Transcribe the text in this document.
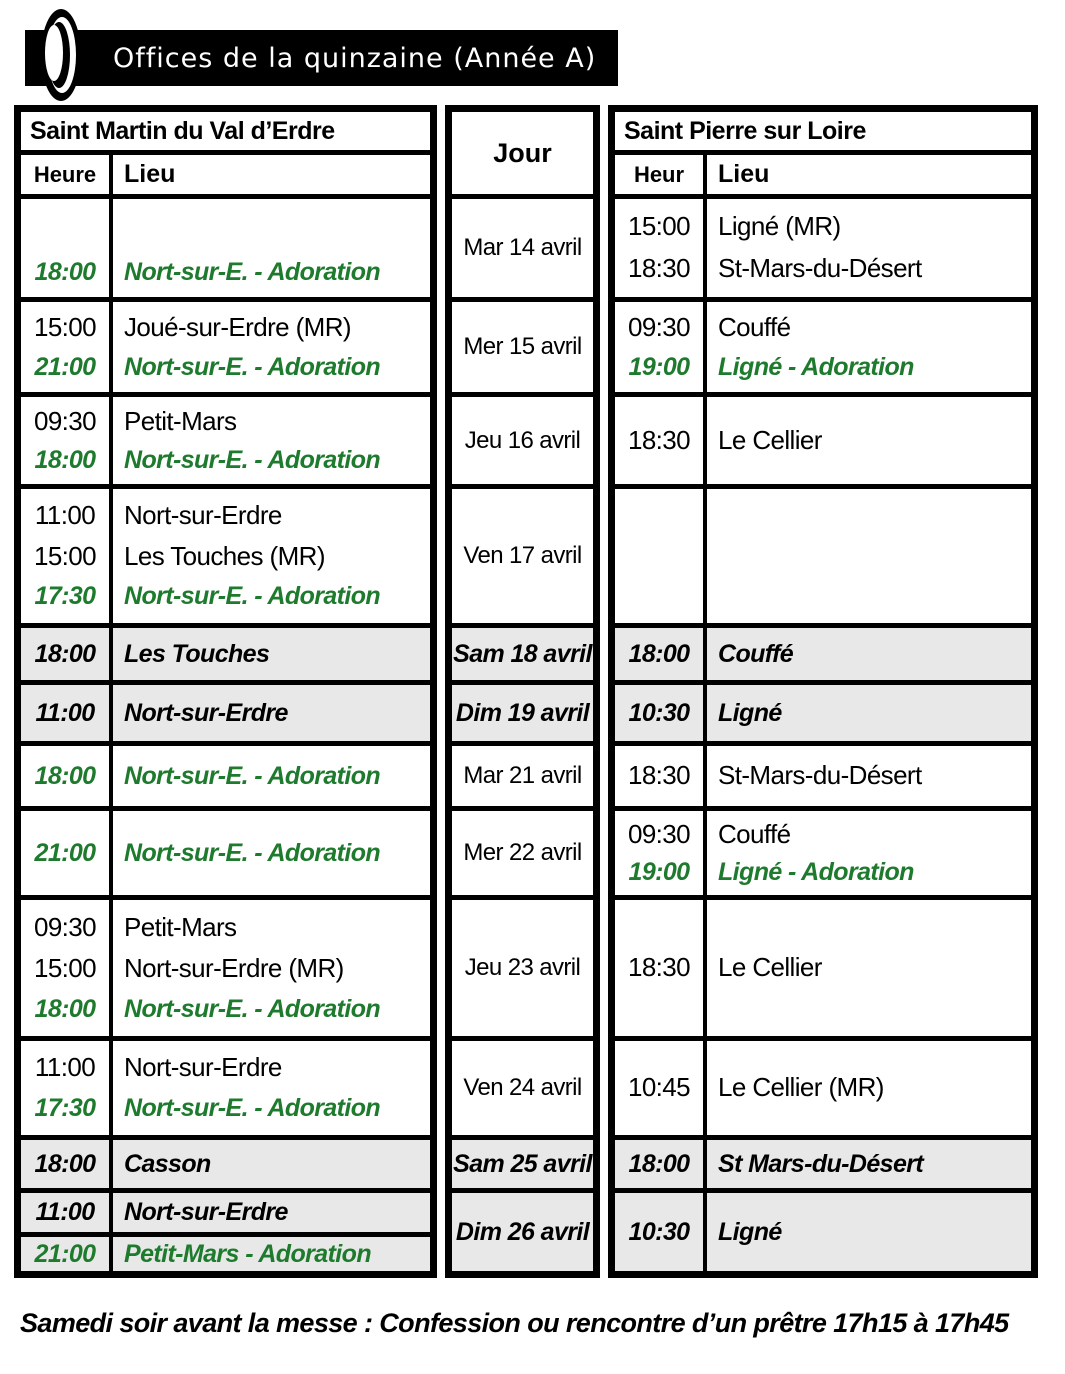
Offices de la quinzaine (Année A)
Saint Martin du Val d’Erdre
Heure	Lieu
18:00 Nort-sur-E. - Adoration
15:00
21:00
Joué-sur-Erdre (MR)
Nort-sur-E. - Adoration
09:30
18:00
Petit-Mars
Nort-sur-E. - Adoration
11:00
15:00
17:30
Nort-sur-Erdre
Les Touches (MR)
Nort-sur-E. - Adoration
18:00 Les Touches
11:00 Nort-sur-Erdre
18:00 Nort-sur-E. - Adoration
21:00 Nort-sur-E. - Adoration
09:30
15:00
18:00
Petit-Mars
Nort-sur-Erdre (MR)
Nort-sur-E. - Adoration
11:00
17:30
Nort-sur-Erdre
Nort-sur-E. - Adoration
18:00 Casson
11:00 Nort-sur-Erdre
21:00 Petit-Mars - Adoration
Jour
Mar 14 avril
Mer 15 avril
Jeu 16 avril
Ven 17 avril
Sam 18 avril
Dim 19 avril
Mar 21 avril
Mer 22 avril
Jeu 23 avril
Ven 24 avril
Sam 25 avril
Dim 26 avril
Saint Pierre sur Loire
Heur	Lieu
15:00
18:30
Ligné (MR)
St-Mars-du-Désert
09:30
19:00
Couffé
Ligné - Adoration
18:30 Le Cellier
18:00 Couffé
10:30 Ligné
18:30 St-Mars-du-Désert
09:30
19:00
Couffé
Ligné - Adoration
18:30 Le Cellier
10:45 Le Cellier (MR)
18:00 St Mars-du-Désert
10:30 Ligné
Samedi soir avant la messe : Confession ou rencontre d’un prêtre 17h15 à 17h45
